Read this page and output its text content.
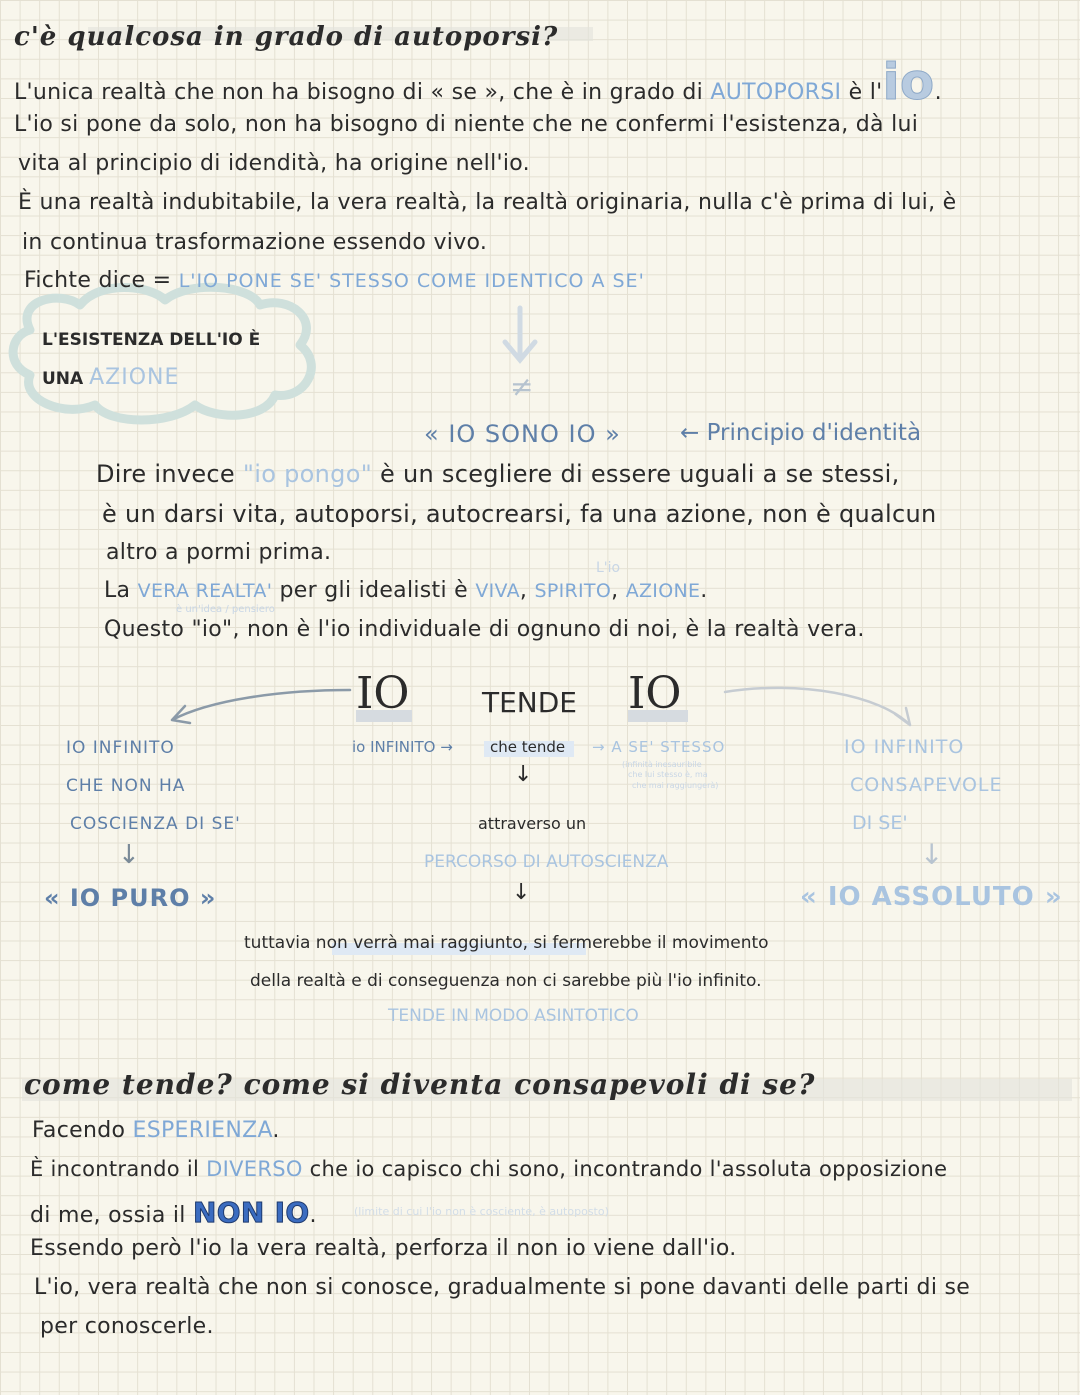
c'è qualcosa in grado di autoporsi?
L'unica realtà che non ha bisogno di « se », che è in grado di AUTOPORSI è l'io.
L'io si pone da solo, non ha bisogno di niente che ne confermi l'esistenza, dà lui
vita al principio di idendità, ha origine nell'io.
È una realtà indubitabile, la vera realtà, la realtà originaria, nulla c'è prima di lui, è
in continua trasformazione essendo vivo.
Fichte dice = L'IO PONE SE' STESSO COME IDENTICO A SE'
L'ESISTENZA DELL'IO È
UNA AZIONE	≠
« IO SONO IO »	← Principio d'identità
Dire invece "io pongo" è un scegliere di essere uguali a se stessi,
è un darsi vita, autoporsi, autocrearsi, fa una azione, non è qualcun
altro a pormi prima.
L'io
La VERA REALTA' per gli idealisti è VIVA, SPIRITO, AZIONE.
è un'idea / pensiero
Questo "io", non è l'io individuale di ognuno di noi, è la realtà vera.
IO	TENDE IO
IO INFINITO
CHE NON HA
COSCIENZA DI SE'
↓
« IO PURO »
io INFINITO → che tende → A SE' STESSO
(infinità inesauribile
che lui stesso è, ma
che mai raggiungerà)
↓
attraverso un
PERCORSO DI AUTOSCIENZA
↓
tuttavia non verrà mai raggiunto, si fermerebbe il movimento
della realtà e di conseguenza non ci sarebbe più l'io infinito.
TENDE IN MODO ASINTOTICO
IO INFINITO
CONSAPEVOLE
DI SE'
↓
« IO ASSOLUTO »
come tende? come si diventa consapevoli di se?
Facendo ESPERIENZA.
È incontrando il DIVERSO che io capisco chi sono, incontrando l'assoluta opposizione
di me, ossia il NON IO.	(limite di cui l'io non è cosciente, è autoposto)
Essendo però l'io la vera realtà, perforza il non io viene dall'io.
L'io, vera realtà che non si conosce, gradualmente si pone davanti delle parti di se
per conoscerle.
